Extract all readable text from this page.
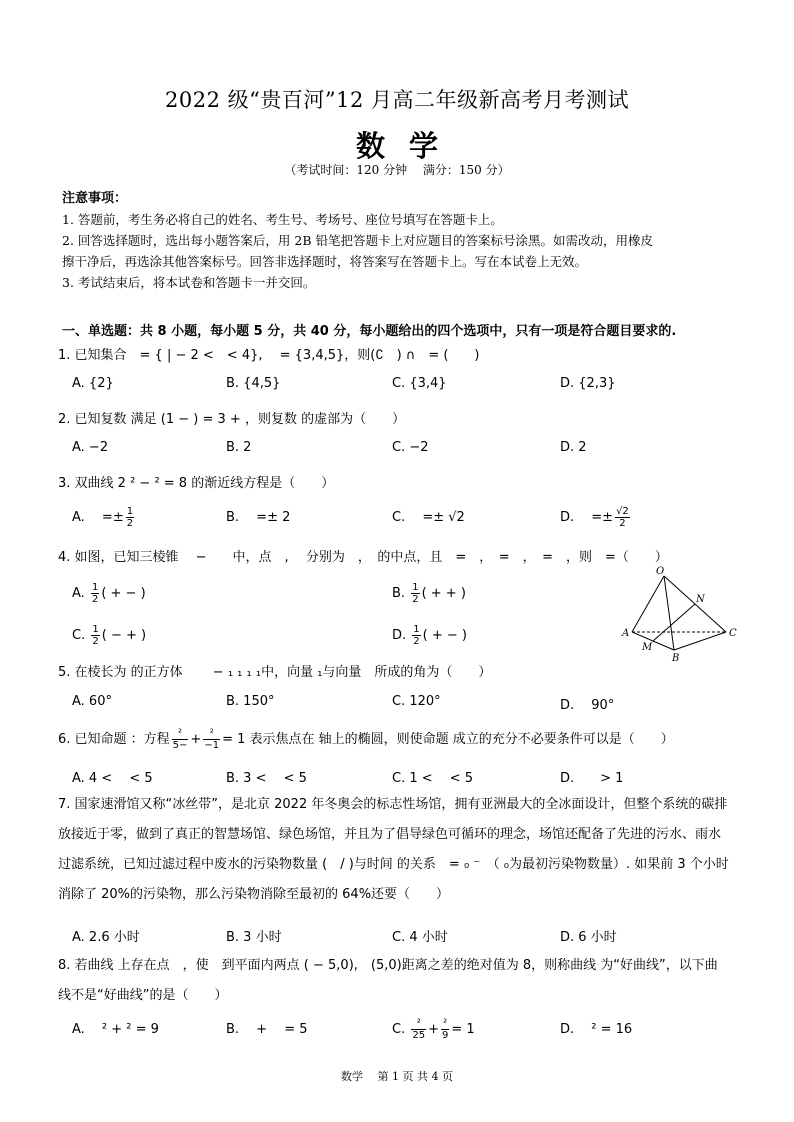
2022 级“贵百河”12 月高二年级新高考月考测试
数学
（考试时间：120 分钟　 满分：150 分）
注意事项：
1. 答题前，考生务必将自己的姓名、考生号、考场号、座位号填写在答题卡上。
2. 回答选择题时，选出每小题答案后，用 2B 铅笔把答题卡上对应题目的答案标号涂黑。如需改动，用橡皮
擦干净后，再选涂其他答案标号。回答非选择题时，将答案写在答题卡上。写在本试卷上无效。
3. 考试结束后，将本试卷和答题卡一并交回。
一、单选题：共 8 小题，每小题 5 分，共 40 分，每小题给出的四个选项中，只有一项是符合题目要求的.
1. 已知集合　= { | − 2 <　< 4},　 = {3,4,5}，则(∁　) ∩　= (　　)
A. {2}	B. {4,5}	C. {3,4}	D. {2,3}
2. 已知复数 满足 (1 − ) = 3 + ，则复数 的虚部为（　　）
A. −2	B. 2	C. −2	D. 2
3. 双曲线 2 ² − ² = 8 的渐近线方程是（　　）
A.　 =± $\frac{1}{2}$	B.　 =± 2	C.　 =± √2	D.　 =± $\frac{√2}{2}$
4. 如图，已知三棱锥　 −　　中，点　, 　分别为　，　的中点，且　=　，　=　，　=　，则　=（　　）
A. $\frac{1}{2}$ ( + − )	B. $\frac{1}{2}$ ( + + )
C. $\frac{1}{2}$ ( − + )	D. $\frac{1}{2}$ ( + − )
O
N
A	C
M
B
5. 在棱长为 的正方体　　 − ₁ ₁ ₁ ₁中，向量 ₁与向量　所成的角为（　　）
A. 60°	B. 150°	C. 120°	D.　 90°
6. 已知命题 ：方程 $\frac{\text{²}}{5-} + \frac{\text{²}}{-1} = 1$ 表示焦点在 轴上的椭圆，则使命题 成立的充分不必要条件可以是（　　）
A. 4 <　 < 5	B. 3 <　 < 5	C. 1 <　 < 5	D.　　> 1
7. 国家速滑馆又称“冰丝带”，是北京 2022 年冬奥会的标志性场馆，拥有亚洲最大的全冰面设计，但整个系统的碳排放接近于零，做到了真正的智慧场馆、绿色场馆，并且为了倡导绿色可循环的理念，场馆还配备了先进的污水、雨水过滤系统，已知过滤过程中废水的污染物数量 (　/ )与时间 的关系　= ₀ ⁻　（ ₀为最初污染物数量）. 如果前 3 个小时消除了 20%的污染物，那么污染物消除至最初的 64%还要（　　）
A. 2.6 小时	B. 3 小时	C. 4 小时	D. 6 小时
8. 若曲线 上存在点　，使　到平面内两点 ( − 5,0),　(5,0)距离之差的绝对值为 8，则称曲线 为“好曲线”，以下曲线不是“好曲线”的是（　　）
A.　 ² + ² = 9	B.　 +　 = 5	C. $\frac{\text{²}}{25} + \frac{\text{²}}{9} = 1$	D.　 ² = 16
数学　 第 1 页 共 4 页
